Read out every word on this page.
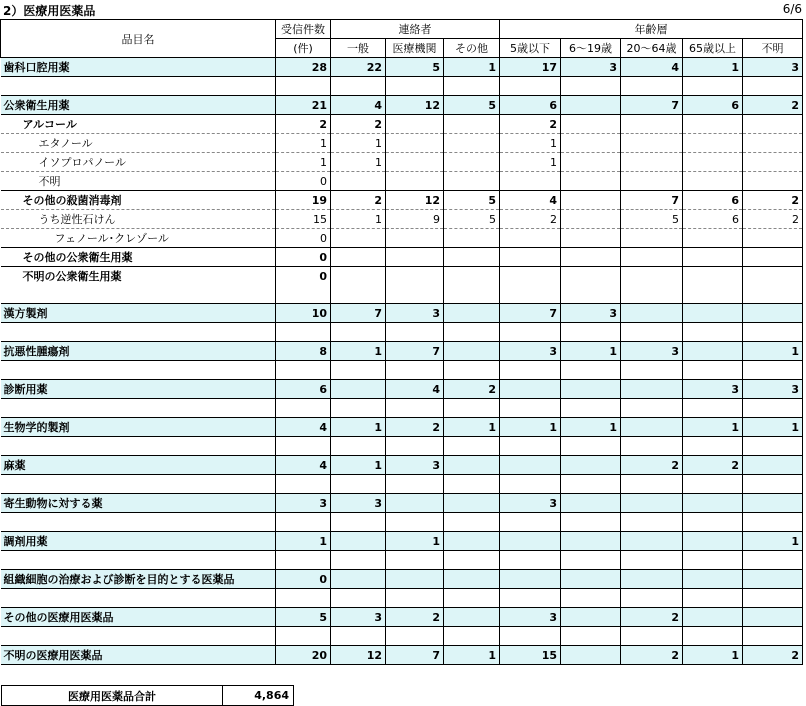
2）医療用医薬品	6/6
品目名	受信件数	連絡者			年齢層				
	(件)	一般	医療機関	その他	5歳以下	6～19歳	20～64歳	65歳以上	不明
歯科口腔用薬	28	22	5	1	17	3	4	1	3

公衆衛生用薬	21	4	12	5	6		7	6	2
アルコール	2	2			2				
エタノール	1	1			1				
イソプロパノール	1	1			1				
不明	0								
その他の殺菌消毒剤	19	2	12	5	4		7	6	2
うち逆性石けん	15	1	9	5	2		5	6	2
フェノール･クレゾール	0								
その他の公衆衛生用薬	0								
不明の公衆衛生用薬	0								

漢方製剤	10	7	3		7	3			

抗悪性腫瘍剤	8	1	7		3	1	3		1

診断用薬	6		4	2				3	3

生物学的製剤	4	1	2	1	1	1		1	1

麻薬	4	1	3				2	2	

寄生動物に対する薬	3	3			3				

調剤用薬	1		1						1

組織細胞の治療および診断を目的とする医薬品	0								

その他の医療用医薬品	5	3	2		3		2		

不明の医療用医薬品	20	12	7	1	15		2	1	2
医療用医薬品合計	4,864
